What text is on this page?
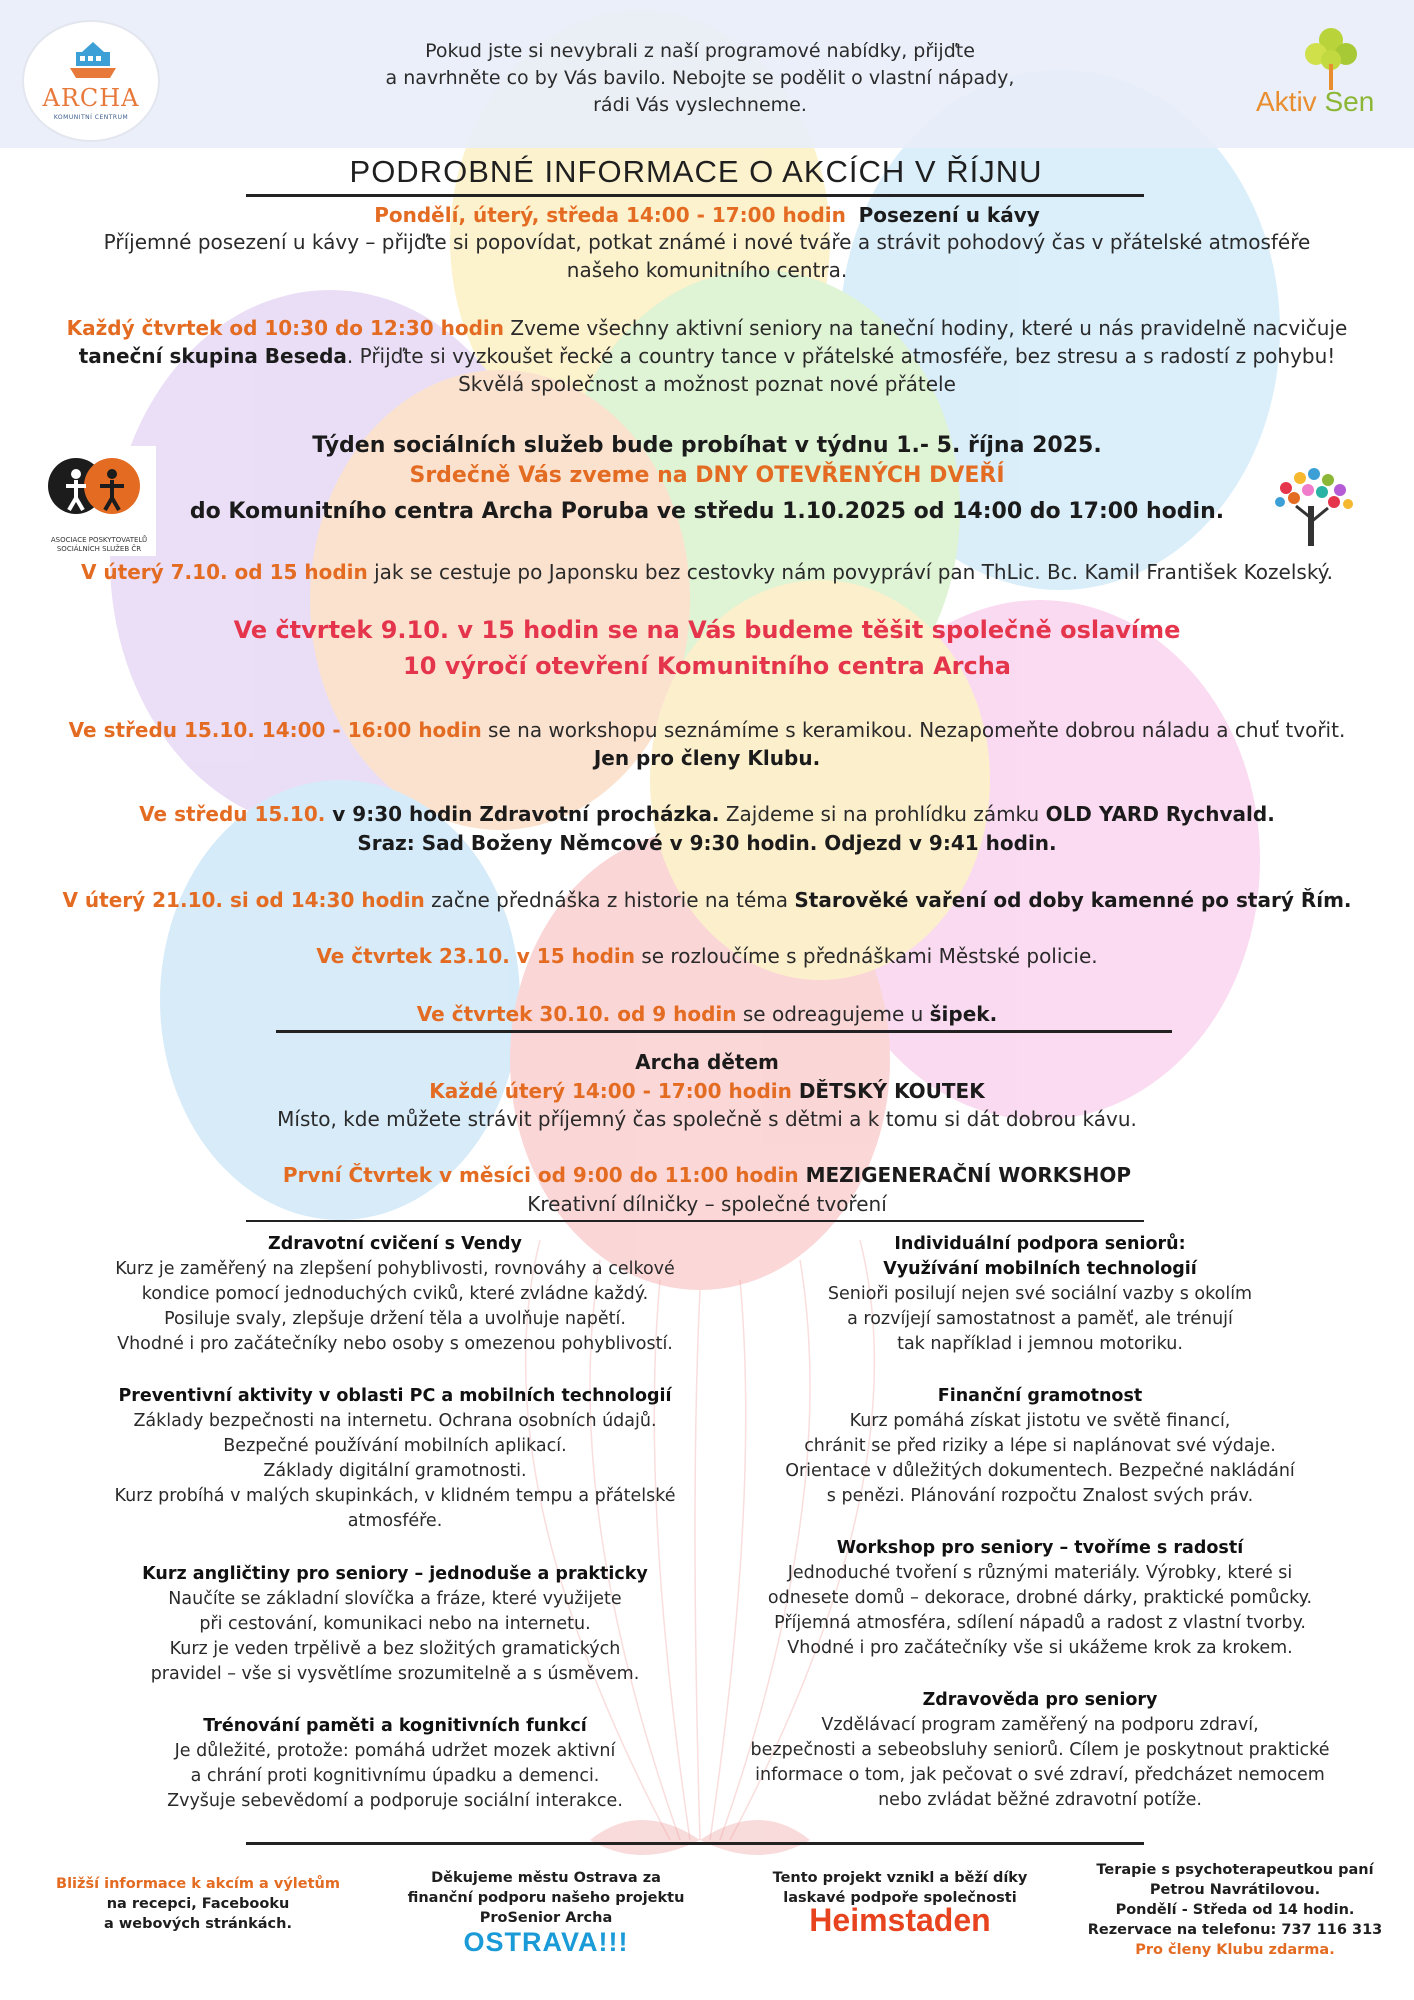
ARCHA
KOMUNITNÍ CENTRUM
Pokud jste si nevybrali z naší programové nabídky, přijďte
a navrhněte co by Vás bavilo. Nebojte se podělit o vlastní nápady,
rádi Vás vyslechneme.	Aktiv Sen
PODROBNÉ INFORMACE O AKCÍCH V ŘÍJNU
Pondělí, úterý, středa 14:00 - 17:00 hodin Posezení u kávy
Příjemné posezení u kávy – přijďte si popovídat, potkat známé i nové tváře a strávit pohodový čas v přátelské atmosféře
našeho komunitního centra.
Každý čtvrtek od 10:30 do 12:30 hodin Zveme všechny aktivní seniory na taneční hodiny, které u nás pravidelně nacvičuje
taneční skupina Beseda. Přijďte si vyzkoušet řecké a country tance v přátelské atmosféře, bez stresu a s radostí z pohybu!
Skvělá společnost a možnost poznat nové přátele
ASOCIACE POSKYTOVATELŮ SOCIÁLNÍCH SLUŽEB ČR
Týden sociálních služeb bude probíhat v týdnu 1.- 5. října 2025.
Srdečně Vás zveme na DNY OTEVŘENÝCH DVEŘÍ
do Komunitního centra Archa Poruba ve středu 1.10.2025 od 14:00 do 17:00 hodin.
V úterý 7.10. od 15 hodin jak se cestuje po Japonsku bez cestovky nám povypráví pan ThLic. Bc. Kamil František Kozelský.
Ve čtvrtek 9.10. v 15 hodin se na Vás budeme těšit společně oslavíme
10 výročí otevření Komunitního centra Archa
Ve středu 15.10. 14:00 - 16:00 hodin se na workshopu seznámíme s keramikou. Nezapomeňte dobrou náladu a chuť tvořit.
Jen pro členy Klubu.
Ve středu 15.10. v 9:30 hodin Zdravotní procházka. Zajdeme si na prohlídku zámku OLD YARD Rychvald.
Sraz: Sad Boženy Němcové v 9:30 hodin. Odjezd v 9:41 hodin.
V úterý 21.10. si od 14:30 hodin začne přednáška z historie na téma Starověké vaření od doby kamenné po starý Řím.
Ve čtvrtek 23.10. v 15 hodin se rozloučíme s přednáškami Městské policie.
Ve čtvrtek 30.10. od 9 hodin se odreagujeme u šipek.
Archa dětem
Každé úterý 14:00 - 17:00 hodin DĚTSKÝ KOUTEK
Místo, kde můžete strávit příjemný čas společně s dětmi a k tomu si dát dobrou kávu.
První Čtvrtek v měsíci od 9:00 do 11:00 hodin MEZIGENERAČNÍ WORKSHOP
Kreativní dílničky – společné tvoření
Zdravotní cvičení s Vendy
Kurz je zaměřený na zlepšení pohyblivosti, rovnováhy a celkové
kondice pomocí jednoduchých cviků, které zvládne každý.
Posiluje svaly, zlepšuje držení těla a uvolňuje napětí.
Vhodné i pro začátečníky nebo osoby s omezenou pohyblivostí.
Preventivní aktivity v oblasti PC a mobilních technologií
Základy bezpečnosti na internetu. Ochrana osobních údajů.
Bezpečné používání mobilních aplikací.
Základy digitální gramotnosti.
Kurz probíhá v malých skupinkách, v klidném tempu a přátelské
atmosféře.
Kurz angličtiny pro seniory – jednoduše a prakticky
Naučíte se základní slovíčka a fráze, které využijete
při cestování, komunikaci nebo na internetu.
Kurz je veden trpělivě a bez složitých gramatických
pravidel – vše si vysvětlíme srozumitelně a s úsměvem.
Trénování paměti a kognitivních funkcí
Je důležité, protože: pomáhá udržet mozek aktivní
a chrání proti kognitivnímu úpadku a demenci.
Zvyšuje sebevědomí a podporuje sociální interakce.
Individuální podpora seniorů:
Využívání mobilních technologií
Senioři posilují nejen své sociální vazby s okolím
a rozvíjejí samostatnost a paměť, ale trénují
tak například i jemnou motoriku.
Finanční gramotnost
Kurz pomáhá získat jistotu ve světě financí,
chránit se před riziky a lépe si naplánovat své výdaje.
Orientace v důležitých dokumentech. Bezpečné nakládání
s penězi. Plánování rozpočtu Znalost svých práv.
Workshop pro seniory – tvoříme s radostí
Jednoduché tvoření s různými materiály. Výrobky, které si
odnesete domů – dekorace, drobné dárky, praktické pomůcky.
Příjemná atmosféra, sdílení nápadů a radost z vlastní tvorby.
Vhodné i pro začátečníky vše si ukážeme krok za krokem.
Zdravověda pro seniory
Vzdělávací program zaměřený na podporu zdraví,
bezpečnosti a sebeobsluhy seniorů. Cílem je poskytnout praktické
informace o tom, jak pečovat o své zdraví, předcházet nemocem
nebo zvládat běžné zdravotní potíže.
Bližší informace k akcím a výletům
na recepci, Facebooku
a webových stránkách.
Děkujeme městu Ostrava za
finanční podporu našeho projektu
ProSenior Archa
OSTRAVA!!!
Tento projekt vznikl a běží díky
laskavé podpoře společnosti
Heimstaden
Terapie s psychoterapeutkou paní
Petrou Navrátilovou.
Pondělí - Středa od 14 hodin.
Rezervace na telefonu: 737 116 313
Pro členy Klubu zdarma.
